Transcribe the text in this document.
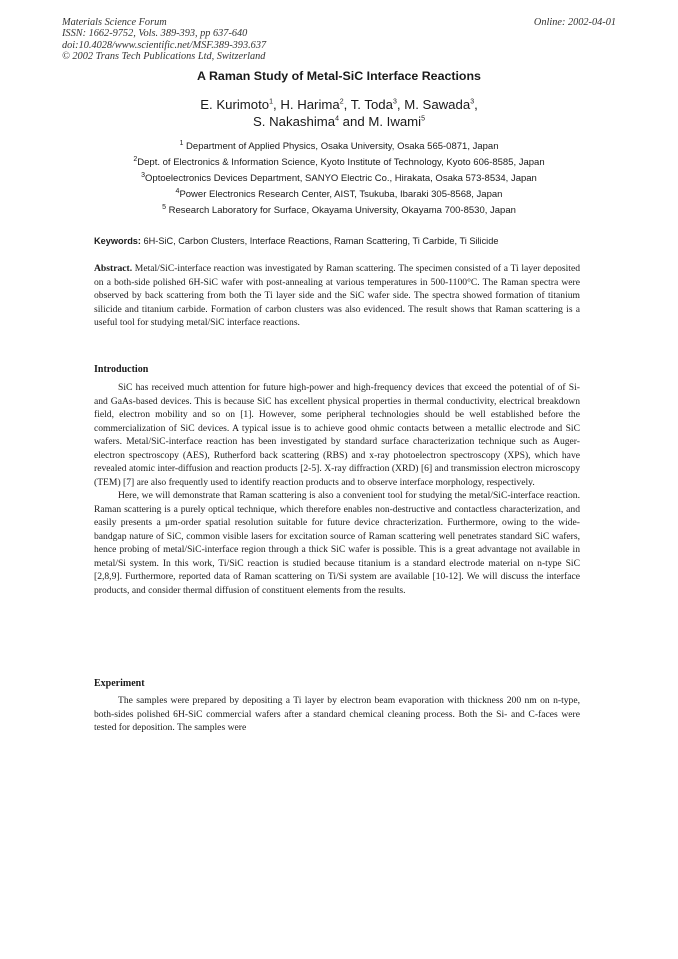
Materials Science Forum
ISSN: 1662-9752, Vols. 389-393, pp 637-640
doi:10.4028/www.scientific.net/MSF.389-393.637
© 2002 Trans Tech Publications Ltd, Switzerland
Online: 2002-04-01
A Raman Study of Metal-SiC Interface Reactions
E. Kurimoto$^1$, H. Harima$^2$, T. Toda$^3$, M. Sawada$^3$,
S. Nakashima$^4$ and M. Iwami$^5$
$^1$ Department of Applied Physics, Osaka University, Osaka 565-0871, Japan
$^2$Dept. of Electronics & Information Science, Kyoto Institute of Technology, Kyoto 606-8585, Japan
$^3$Optoelectronics Devices Department, SANYO Electric Co., Hirakata, Osaka 573-8534, Japan
$^4$Power Electronics Research Center, AIST, Tsukuba, Ibaraki 305-8568, Japan
$^5$ Research Laboratory for Surface, Okayama University, Okayama 700-8530, Japan
Keywords: 6H-SiC, Carbon Clusters, Interface Reactions, Raman Scattering, Ti Carbide, Ti Silicide

Abstract. Metal/SiC-interface reaction was investigated by Raman scattering. The specimen consisted of a Ti layer deposited on a both-side polished 6H-SiC wafer with post-annealing at various temperatures in 500-1100°C. The Raman spectra were observed by back scattering from both the Ti layer side and the SiC wafer side. The spectra showed formation of titanium silicide and titanium carbide. Formation of carbon clusters was also evidenced. The result shows that Raman scattering is a useful tool for studying metal/SiC interface reactions.

Introduction

SiC has received much attention for future high-power and high-frequency devices that exceed the potential of of Si- and GaAs-based devices. This is because SiC has excellent physical properties in thermal conductivity, electrical breakdown field, electron mobility and so on [1]. However, some peripheral technologies should be well established before the commercialization of SiC devices. A typical issue is to achieve good ohmic contacts between a metallic electrode and SiC wafers. Metal/SiC-interface reaction has been investigated by standard surface characterization technique such as Auger-electron spectroscopy (AES), Rutherford back scattering (RBS) and x-ray photoelectron spectroscopy (XPS), which have revealed atomic inter-diffusion and reaction products [2-5]. X-ray diffraction (XRD) [6] and transmission electron microscopy (TEM) [7] are also frequently used to identify reaction products and to observe interface morphology, respectively.

Here, we will demonstrate that Raman scattering is also a convenient tool for studying the metal/SiC-interface reaction. Raman scattering is a purely optical technique, which therefore enables non-destructive and contactless characterization, and easily presents a μm-order spatial resolution suitable for future device chracterization. Furthermore, owing to the wide-bandgap nature of SiC, common visible lasers for excitation source of Raman scattering well penetrates standard SiC wafers, hence probing of metal/SiC-interface region through a thick SiC wafer is possible. This is a great advantage not available in metal/Si system. In this work, Ti/SiC reaction is studied because titanium is a standard electrode material on n-type SiC [2,8,9]. Furthermore, reported data of Raman scattering on Ti/Si system are available [10-12]. We will discuss the interface products, and consider thermal diffusion of constituent elements from the results.

Experiment

The samples were prepared by depositing a Ti layer by electron beam evaporation with thickness 200 nm on n-type, both-sides polished 6H-SiC commercial wafers after a standard chemical cleaning process. Both the Si- and C-faces were tested for deposition. The samples were
